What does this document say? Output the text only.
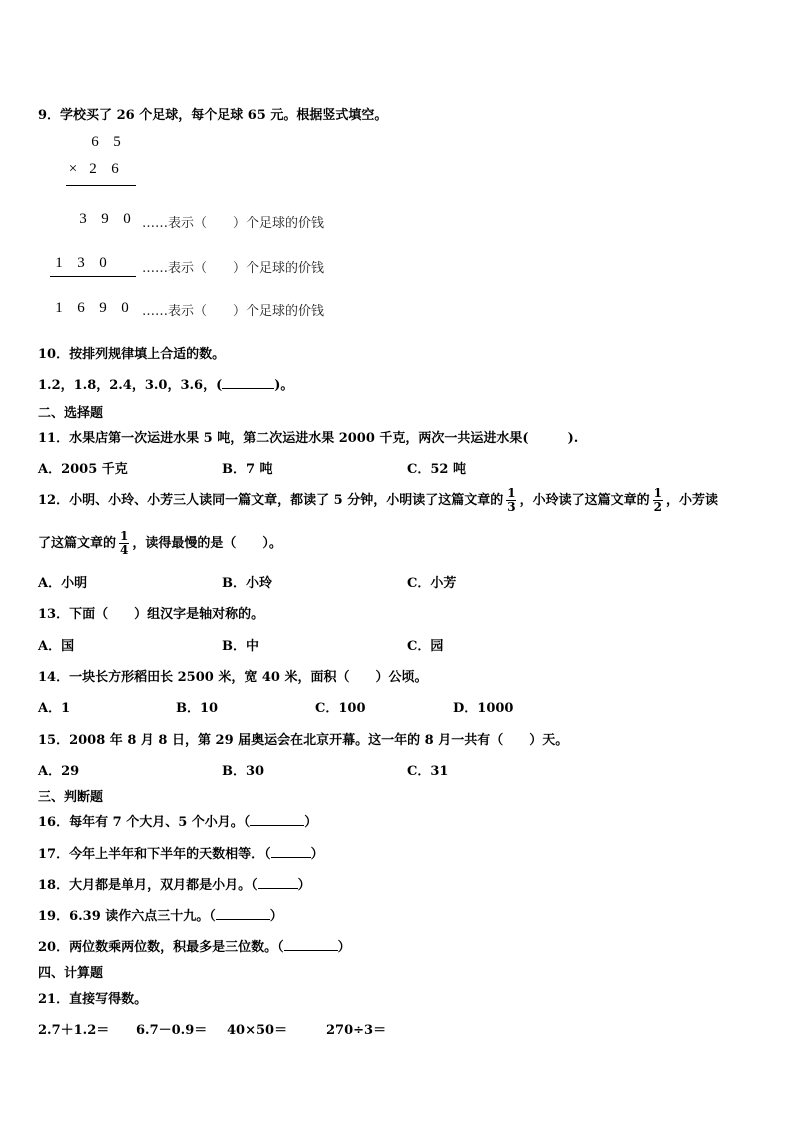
9．学校买了 26 个足球，每个足球 65 元。根据竖式填空。
6 5
× 2 6
3 9 0 ……表示（　　）个足球的价钱
1 3 0	……表示（　　）个足球的价钱
1 6 9 0	……表示（　　）个足球的价钱
10．按排列规律填上合适的数。
1.2，1.8，2.4，3.0，3.6，(	)。
二、选择题
11．水果店第一次运进水果 5 吨，第二次运进水果 2000 千克，两次一共运进水果(　　　).
A．2005 千克	B．7 吨	C．52 吨
12．小明、小玲、小芳三人读同一篇文章，都读了 5 分钟，小明读了这篇文章的 $\frac{1}{3}$ ，小玲读了这篇文章的 $\frac{1}{2}$ ，小芳读
了这篇文章的 $\frac{1}{4}$ ，读得最慢的是（　　）。
A．小明	B．小玲	C．小芳
13．下面（　　）组汉字是轴对称的。
A．国	B．中	C．园
14．一块长方形稻田长 2500 米，宽 40 米，面积（　　）公顷。
A．1	B．10	C．100	D．1000
15．2008 年 8 月 8 日，第 29 届奥运会在北京开幕。这一年的 8 月一共有（　　）天。
A．29	B．30	C．31
三、判断题
16．每年有 7 个大月、5 个小月。（	）
17．今年上半年和下半年的天数相等．（	）
18．大月都是单月，双月都是小月。（	）
19．6.39 读作六点三十九。（	）
20．两位数乘两位数，积最多是三位数。（	）
四、计算题
21．直接写得数。
2.7＋1.2＝ 6.7－0.9＝ 40×50＝	270÷3＝
